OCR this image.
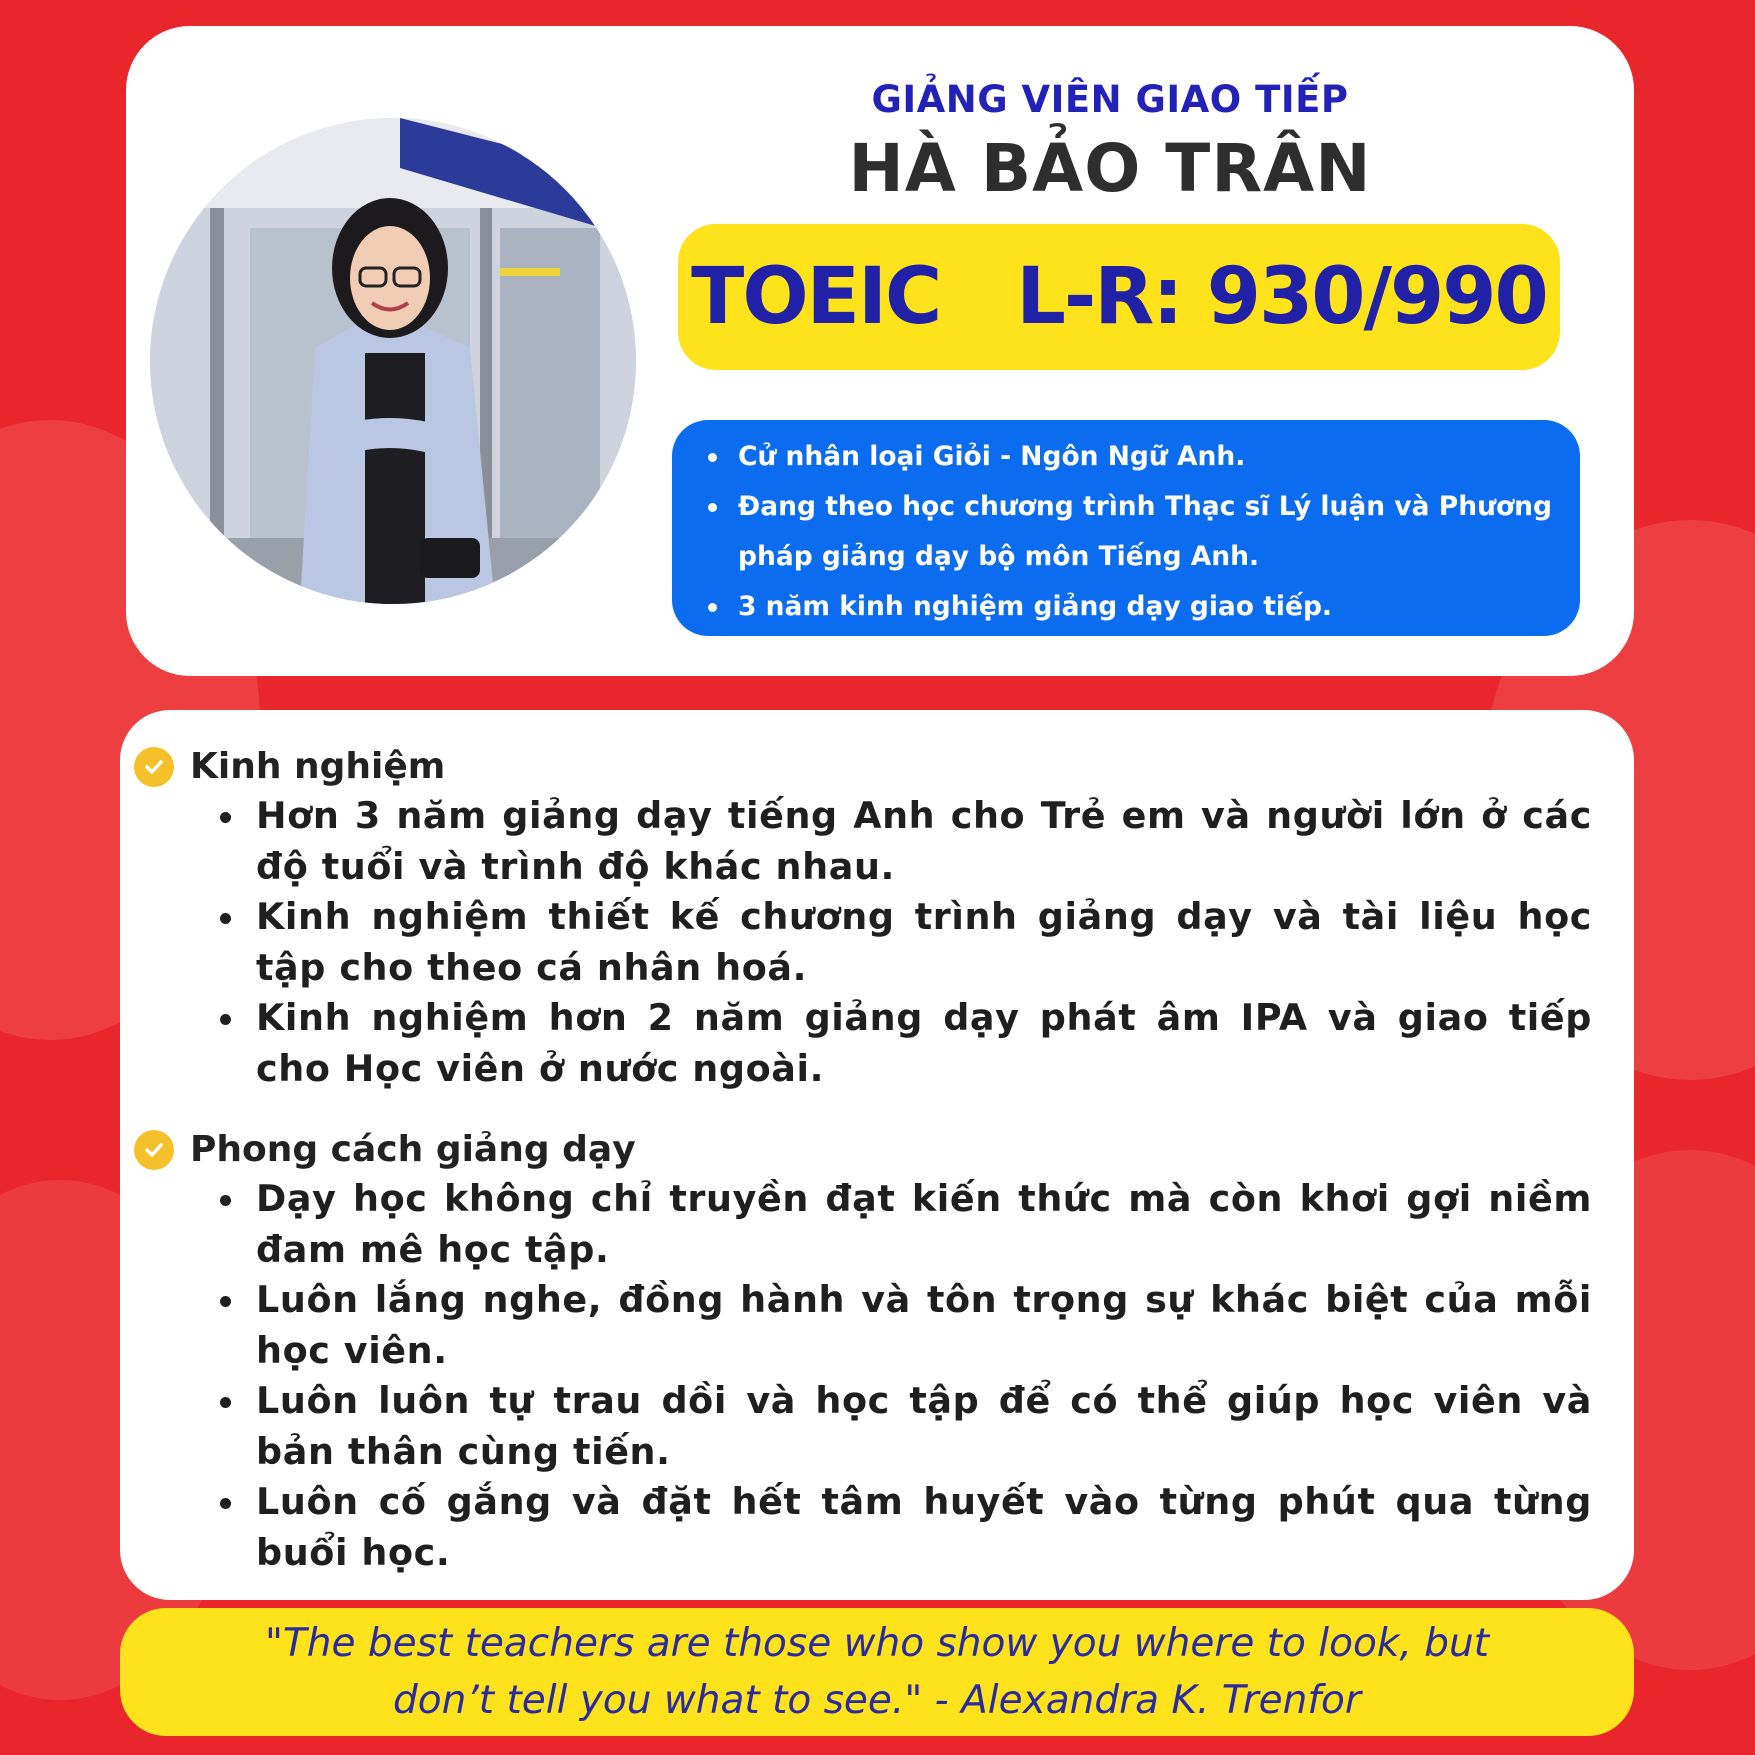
GIẢNG VIÊN GIAO TIẾP
HÀ BẢO TRÂN
TOEIC L-R: 930/990
Cử nhân loại Giỏi - Ngôn Ngữ Anh.
Đang theo học chương trình Thạc sĩ Lý luận và Phương pháp giảng dạy bộ môn Tiếng Anh.
3 năm kinh nghiệm giảng dạy giao tiếp.
Kinh nghiệm
Hơn 3 năm giảng dạy tiếng Anh cho Trẻ em và người lớn ở các độ tuổi và trình độ khác nhau.
Kinh nghiệm thiết kế chương trình giảng dạy và tài liệu học tập cho theo cá nhân hoá.
Kinh nghiệm hơn 2 năm giảng dạy phát âm IPA và giao tiếp cho Học viên ở nước ngoài.
Phong cách giảng dạy
Dạy học không chỉ truyền đạt kiến thức mà còn khơi gợi niềm đam mê học tập.
Luôn lắng nghe, đồng hành và tôn trọng sự khác biệt của mỗi học viên.
Luôn luôn tự trau dồi và học tập để có thể giúp học viên và bản thân cùng tiến.
Luôn cố gắng và đặt hết tâm huyết vào từng phút qua từng buổi học.

"The best teachers are those who show you where to look, but don’t tell you what to see." - Alexandra K. Trenfor
